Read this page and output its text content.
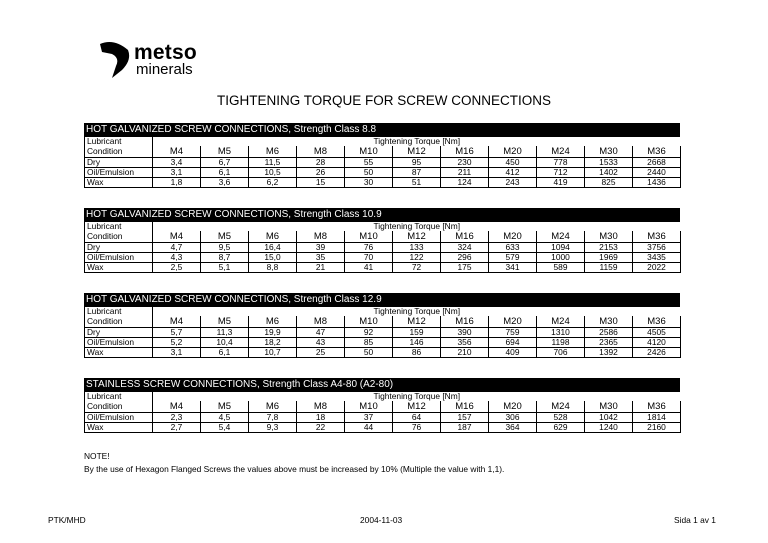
metso
minerals
TIGHTENING TORQUE FOR SCREW CONNECTIONS
HOT GALVANIZED SCREW CONNECTIONS, Strength Class 8.8
Lubricant	Tightening Torque [Nm]										
Condition	M4	M5	M6	M8	M10	M12	M16	M20	M24	M30	M36
Dry	3,4	6,7	11,5	28	55	95	230	450	778	1533	2668
Oil/Emulsion	3,1	6,1	10,5	26	50	87	211	412	712	1402	2440
Wax	1,8	3,6	6,2	15	30	51	124	243	419	825	1436
HOT GALVANIZED SCREW CONNECTIONS, Strength Class 10.9
Lubricant	Tightening Torque [Nm]										
Condition	M4	M5	M6	M8	M10	M12	M16	M20	M24	M30	M36
Dry	4,7	9,5	16,4	39	76	133	324	633	1094	2153	3756
Oil/Emulsion	4,3	8,7	15,0	35	70	122	296	579	1000	1969	3435
Wax	2,5	5,1	8,8	21	41	72	175	341	589	1159	2022
HOT GALVANIZED SCREW CONNECTIONS, Strength Class 12.9
Lubricant	Tightening Torque [Nm]										
Condition	M4	M5	M6	M8	M10	M12	M16	M20	M24	M30	M36
Dry	5,7	11,3	19,9	47	92	159	390	759	1310	2586	4505
Oil/Emulsion	5,2	10,4	18,2	43	85	146	356	694	1198	2365	4120
Wax	3,1	6,1	10,7	25	50	86	210	409	706	1392	2426
STAINLESS SCREW CONNECTIONS, Strength Class A4-80 (A2-80)
Lubricant	Tightening Torque [Nm]										
Condition	M4	M5	M6	M8	M10	M12	M16	M20	M24	M30	M36
Oil/Emulsion	2,3	4,5	7,8	18	37	64	157	306	528	1042	1814
Wax	2,7	5,4	9,3	22	44	76	187	364	629	1240	2160
NOTE!
By the use of Hexagon Flanged Screws the values above must be increased by 10% (Multiple the value with 1,1).
PTK/MHD	2004-11-03	Sida 1 av 1
